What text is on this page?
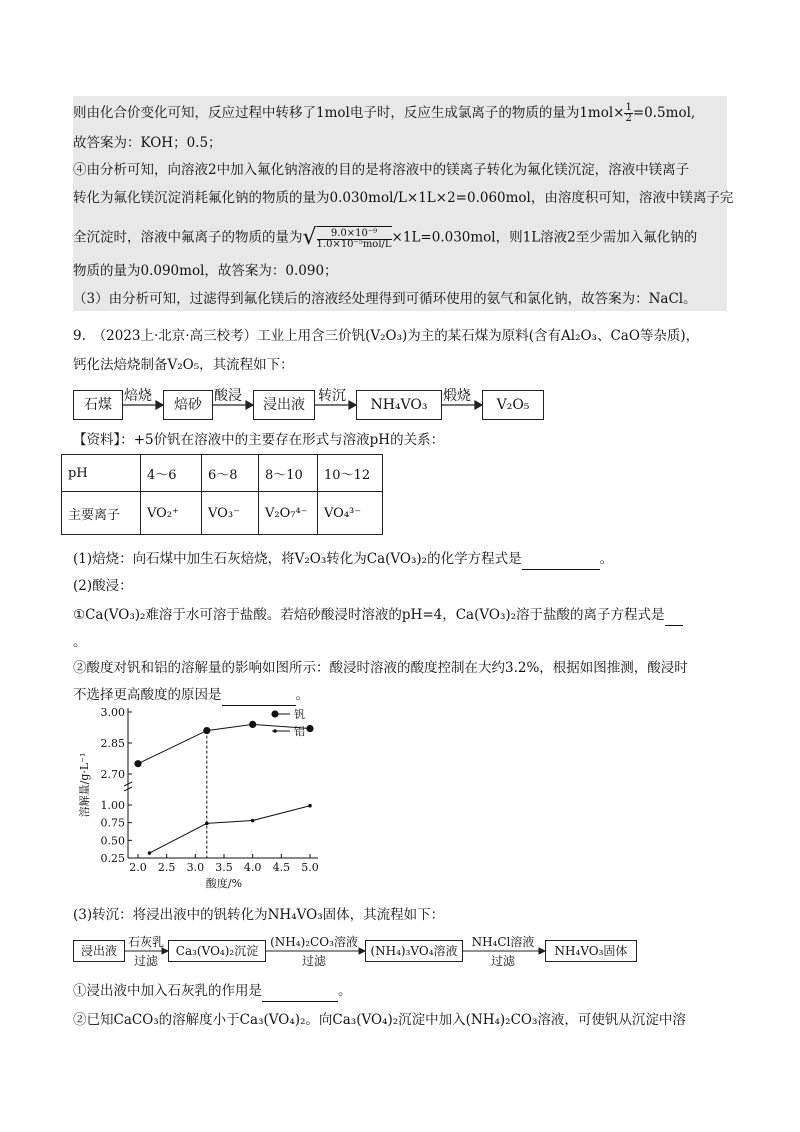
则由化合价变化可知，反应过程中转移了1mol电子时，反应生成氯离子的物质的量为$1mol\times \frac{1}{2} =0.5mol$,
故答案为：KOH；0.5；
④由分析可知，向溶液2中加入氟化钠溶液的目的是将溶液中的镁离子转化为氟化镁沉淀，溶液中镁离子
转化为氟化镁沉淀消耗氟化钠的物质的量为0.030mol/L×1L×2=0.060mol，由溶度积可知，溶液中镁离子完
全沉淀时，溶液中氟离子的物质的量为√ $\frac{\text{9.0×10⁻⁹}}{\text{1.0×10⁻⁵mol/L}} \times 1L=0.030mol$，则1L溶液2至少需加入氟化钠的
物质的量为0.090mol，故答案为：0.090；
（3）由分析可知，过滤得到氟化镁后的溶液经处理得到可循环使用的氨气和氯化钠，故答案为：NaCl。
9.　（2023上·北京·高三校考）工业上用含三价钒(V₂O₃)为主的某石煤为原料(含有Al₂O₃、CaO等杂质)，
钙化法焙烧制备V₂O₅，其流程如下：
石煤	焙砂	浸出液	NH₄VO₃	V₂O₅
焙烧	酸浸	转沉	煅烧
【资料】：+5价钒在溶液中的主要存在形式与溶液pH的关系：
pH	4～6	6～8	8～10	10～12
主要离子	VO₂⁺	VO₃⁻	V₂O₇⁴⁻	VO₄³⁻
(1)焙烧：向石煤中加生石灰焙烧，将V₂O₃转化为Ca(VO₃)₂的化学方程式是	。
(2)酸浸：
①Ca(VO₃)₂难溶于水可溶于盐酸。若焙砂酸浸时溶液的pH=4，Ca(VO₃)₂溶于盐酸的离子方程式是
。
②酸度对钒和铝的溶解量的影响如图所示：酸浸时溶液的酸度控制在大约3.2%，根据如图推测，酸浸时
不选择更高酸度的原因是	。
3.00
2.85
2.70
1.00
0.75
0.50
0.25
2.0 2.5 3.0 3.5 4.0 4.5 5.0
酸度/%
溶解量/g·L⁻¹
钒
铝
(3)转沉：将浸出液中的钒转化为NH₄VO₃固体，其流程如下：
浸出液	Ca₃(VO₄)₂沉淀	(NH₄)₃VO₄溶液	NH₄VO₃固体
石灰乳
过滤
(NH₄)₂CO₃溶液
过滤
NH₄Cl溶液
过滤
①浸出液中加入石灰乳的作用是	。
②已知CaCO₃的溶解度小于Ca₃(VO₄)₂。向Ca₃(VO₄)₂沉淀中加入(NH₄)₂CO₃溶液，可使钒从沉淀中溶
